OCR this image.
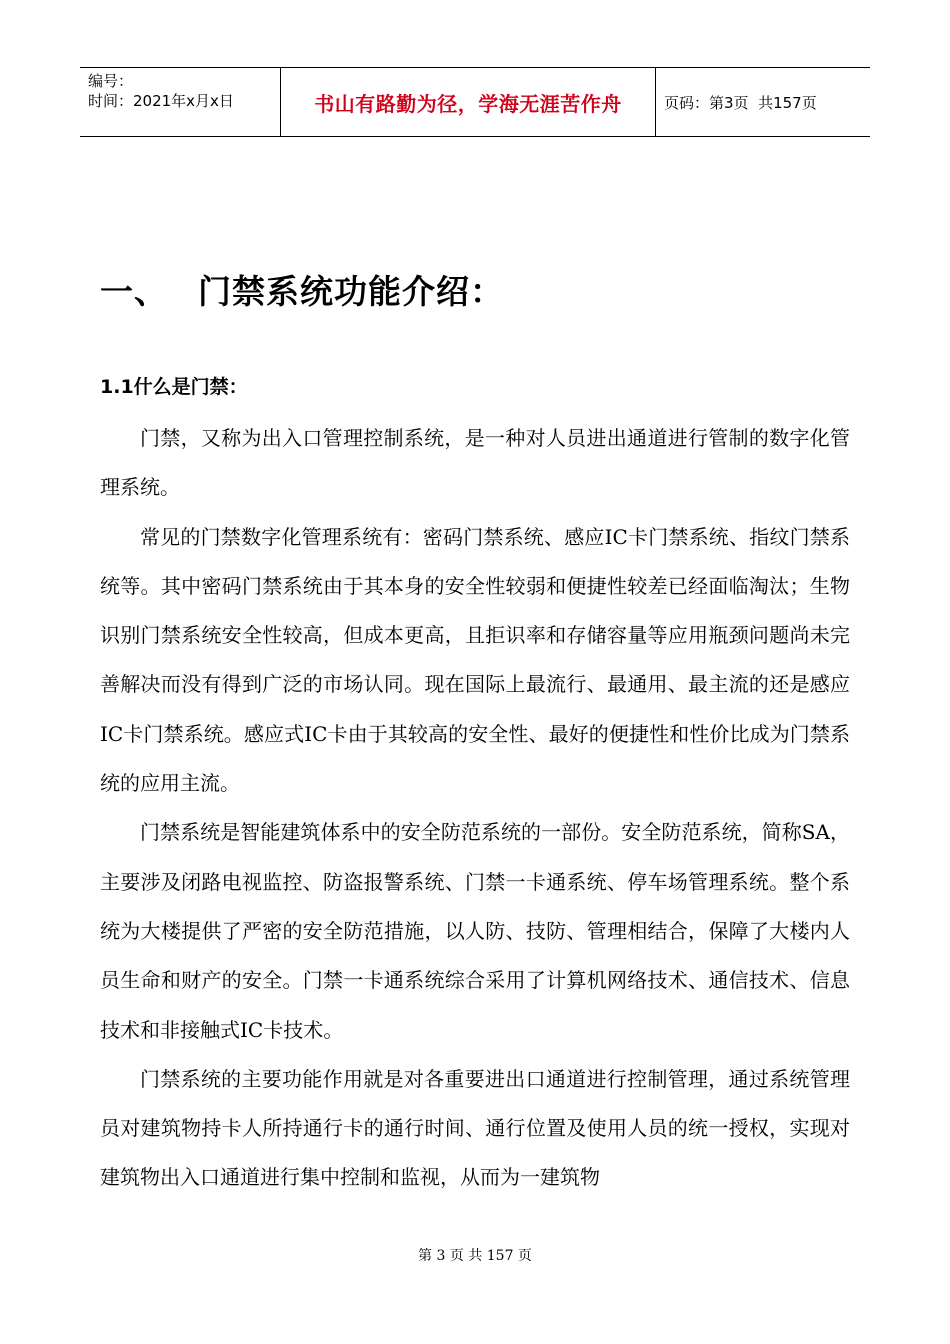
编号：
时间：2021年x月x日	书山有路勤为径，学海无涯苦作舟	页码：第3页  共157页
一、 门禁系统功能介绍：
1.1什么是门禁：

门禁，又称为出入口管理控制系统，是一种对人员进出通道进行管制的数字化管理系统。

常见的门禁数字化管理系统有：密码门禁系统、感应IC卡门禁系统、指纹门禁系统等。其中密码门禁系统由于其本身的安全性较弱和便捷性较差已经面临淘汰；生物识别门禁系统安全性较高，但成本更高，且拒识率和存储容量等应用瓶颈问题尚未完善解决而没有得到广泛的市场认同。现在国际上最流行、最通用、最主流的还是感应IC卡门禁系统。感应式IC卡由于其较高的安全性、最好的便捷性和性价比成为门禁系统的应用主流。

门禁系统是智能建筑体系中的安全防范系统的一部份。安全防范系统，简称SA，主要涉及闭路电视监控、防盗报警系统、门禁一卡通系统、停车场管理系统。整个系统为大楼提供了严密的安全防范措施，以人防、技防、管理相结合，保障了大楼内人员生命和财产的安全。门禁一卡通系统综合采用了计算机网络技术、通信技术、信息技术和非接触式IC卡技术。

门禁系统的主要功能作用就是对各重要进出口通道进行控制管理，通过系统管理员对建筑物持卡人所持通行卡的通行时间、通行位置及使用人员的统一授权，实现对建筑物出入口通道进行集中控制和监视，从而为一建筑物

第 3 页 共 157 页
